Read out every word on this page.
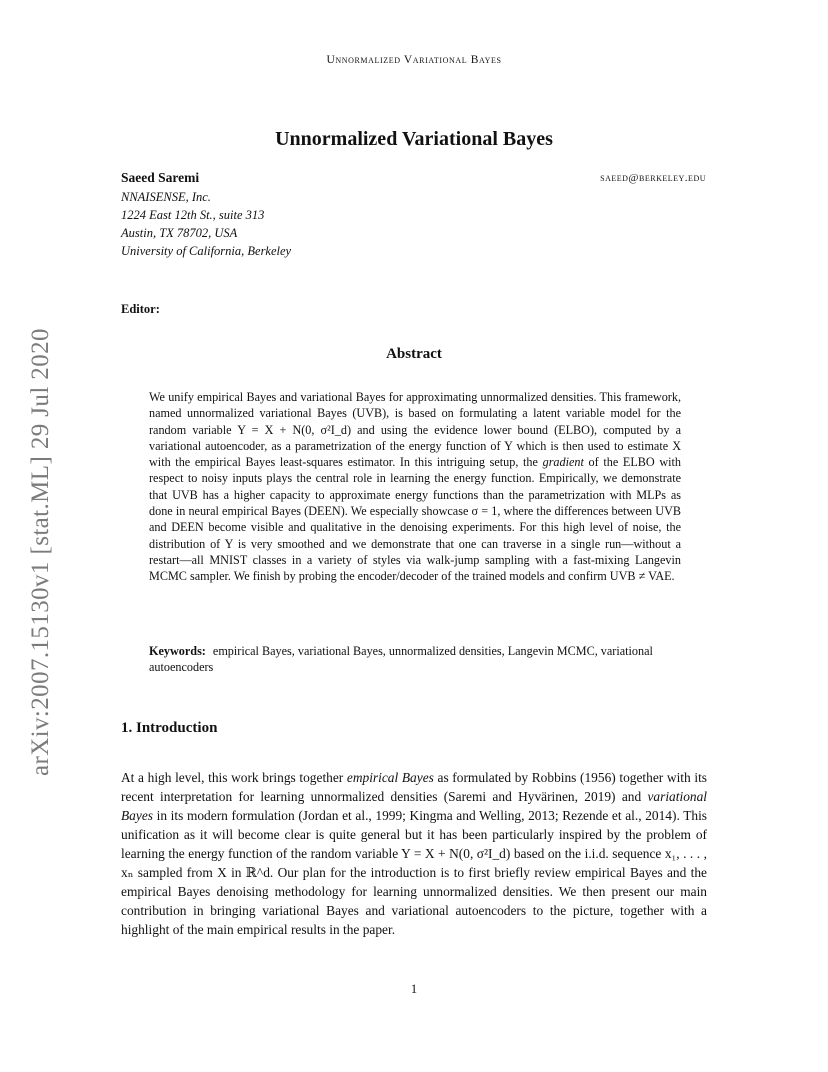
Unnormalized Variational Bayes
Unnormalized Variational Bayes
Saeed Saremi	saeed@berkeley.edu
NNAISENSE, Inc.
1224 East 12th St., suite 313
Austin, TX 78702, USA
University of California, Berkeley
Editor:
arXiv:2007.15130v1 [stat.ML] 29 Jul 2020	Abstract
We unify empirical Bayes and variational Bayes for approximating unnormalized densities. This framework, named unnormalized variational Bayes (UVB), is based on formulating a latent variable model for the random variable Y = X + N(0, σ²I_d) and using the evidence lower bound (ELBO), computed by a variational autoencoder, as a parametrization of the energy function of Y which is then used to estimate X with the empirical Bayes least-squares estimator. In this intriguing setup, the gradient of the ELBO with respect to noisy inputs plays the central role in learning the energy function. Empirically, we demonstrate that UVB has a higher capacity to approximate energy functions than the parametrization with MLPs as done in neural empirical Bayes (DEEN). We especially showcase σ = 1, where the differences between UVB and DEEN become visible and qualitative in the denoising experiments. For this high level of noise, the distribution of Y is very smoothed and we demonstrate that one can traverse in a single run—without a restart—all MNIST classes in a variety of styles via walk-jump sampling with a fast-mixing Langevin MCMC sampler. We finish by probing the encoder/decoder of the trained models and confirm UVB ≠ VAE.
Keywords: empirical Bayes, variational Bayes, unnormalized densities, Langevin MCMC, variational autoencoders
1. Introduction
At a high level, this work brings together empirical Bayes as formulated by Robbins (1956) together with its recent interpretation for learning unnormalized densities (Saremi and Hyvärinen, 2019) and variational Bayes in its modern formulation (Jordan et al., 1999; Kingma and Welling, 2013; Rezende et al., 2014). This unification as it will become clear is quite general but it has been particularly inspired by the problem of learning the energy function of the random variable Y = X + N(0, σ²I_d) based on the i.i.d. sequence x₁, . . . , xₙ sampled from X in ℝ^d. Our plan for the introduction is to first briefly review empirical Bayes and the empirical Bayes denoising methodology for learning unnormalized densities. We then present our main contribution in bringing variational Bayes and variational autoencoders to the picture, together with a highlight of the main empirical results in the paper.
1
